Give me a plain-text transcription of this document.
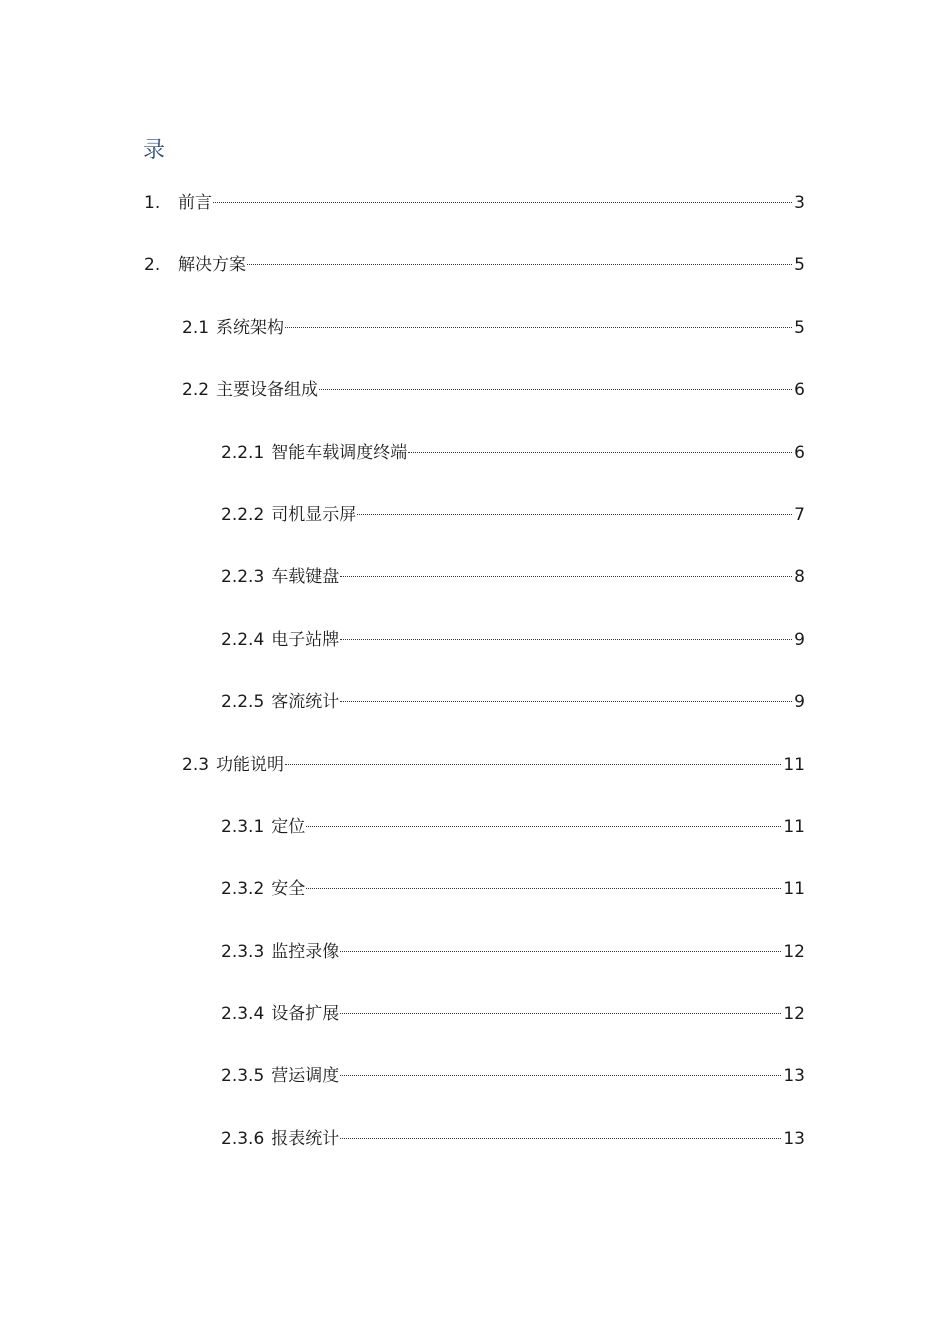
录
1.	前言	3
2.	解决方案	5
2.1 系统架构	5
2.2 主要设备组成	6
2.2.1 智能车载调度终端	6
2.2.2 司机显示屏	7
2.2.3 车载键盘	8
2.2.4 电子站牌	9
2.2.5 客流统计	9
2.3 功能说明	11
2.3.1 定位	11
2.3.2 安全	11
2.3.3 监控录像	12
2.3.4 设备扩展	12
2.3.5 营运调度	13
2.3.6 报表统计	13
